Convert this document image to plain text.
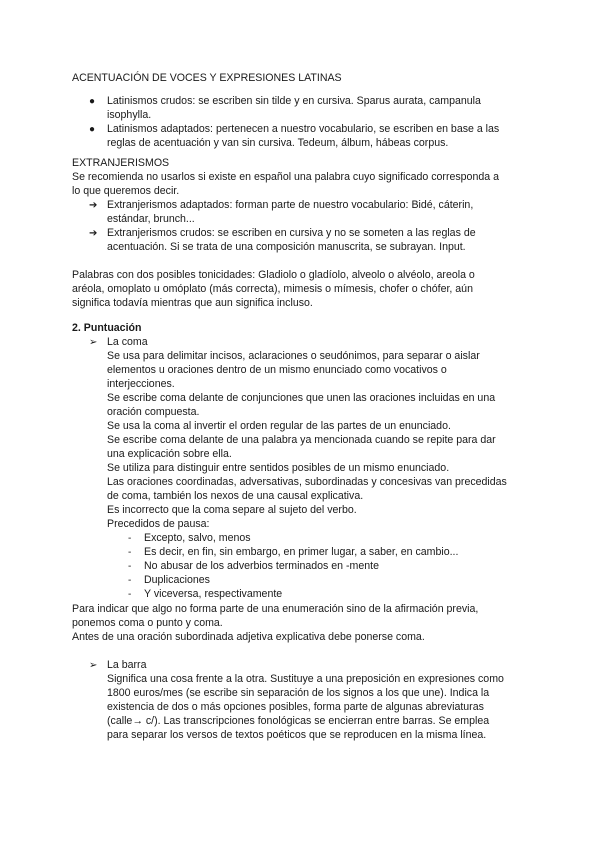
ACENTUACIÓN DE VOCES Y EXPRESIONES LATINAS
● Latinismos crudos: se escriben sin tilde y en cursiva. Sparus aurata, campanula
isophylla.
● Latinismos adaptados: pertenecen a nuestro vocabulario, se escriben en base a las
reglas de acentuación y van sin cursiva. Tedeum, álbum, hábeas corpus.
EXTRANJERISMOS
Se recomienda no usarlos si existe en español una palabra cuyo significado corresponda a
lo que queremos decir.
➔ Extranjerismos adaptados: forman parte de nuestro vocabulario: Bidé, cáterin,
estándar, brunch...
➔ Extranjerismos crudos: se escriben en cursiva y no se someten a las reglas de
acentuación. Si se trata de una composición manuscrita, se subrayan. Input.
Palabras con dos posibles tonicidades: Gladiolo o gladíolo, alveolo o alvéolo, areola o
aréola, omoplato u omóplato (más correcta), mimesis o mímesis, chofer o chófer, aún
significa todavía mientras que aun significa incluso.
2. Puntuación
➢ La coma
Se usa para delimitar incisos, aclaraciones o seudónimos, para separar o aislar
elementos u oraciones dentro de un mismo enunciado como vocativos o
interjecciones.
Se escribe coma delante de conjunciones que unen las oraciones incluidas en una
oración compuesta.
Se usa la coma al invertir el orden regular de las partes de un enunciado.
Se escribe coma delante de una palabra ya mencionada cuando se repite para dar
una explicación sobre ella.
Se utiliza para distinguir entre sentidos posibles de un mismo enunciado.
Las oraciones coordinadas, adversativas, subordinadas y concesivas van precedidas
de coma, también los nexos de una causal explicativa.
Es incorrecto que la coma separe al sujeto del verbo.
Precedidos de pausa:
- Excepto, salvo, menos
- Es decir, en fin, sin embargo, en primer lugar, a saber, en cambio...
- No abusar de los adverbios terminados en -mente
- Duplicaciones
- Y viceversa, respectivamente
Para indicar que algo no forma parte de una enumeración sino de la afirmación previa,
ponemos coma o punto y coma.
Antes de una oración subordinada adjetiva explicativa debe ponerse coma.
➢ La barra
Significa una cosa frente a la otra. Sustituye a una preposición en expresiones como
1800 euros/mes (se escribe sin separación de los signos a los que une). Indica la
existencia de dos o más opciones posibles, forma parte de algunas abreviaturas
(calle→ c/). Las transcripciones fonológicas se encierran entre barras. Se emplea
para separar los versos de textos poéticos que se reproducen en la misma línea.
